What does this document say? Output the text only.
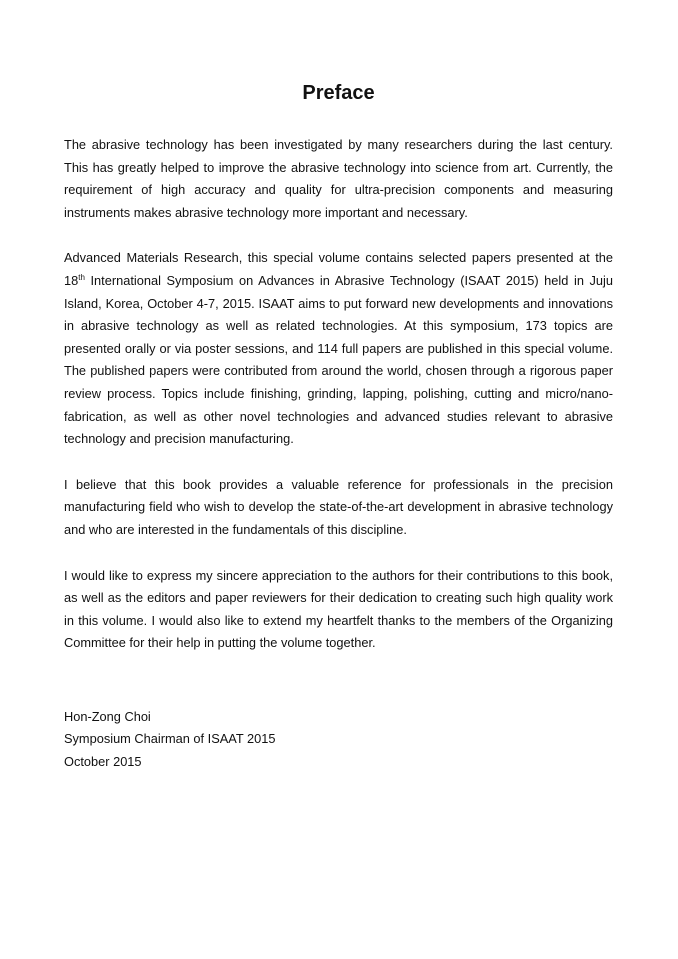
Preface

The abrasive technology has been investigated by many researchers during the last century. This has greatly helped to improve the abrasive technology into science from art. Currently, the requirement of high accuracy and quality for ultra-precision components and measuring instruments makes abrasive technology more important and necessary.

Advanced Materials Research, this special volume contains selected papers presented at the 18th International Symposium on Advances in Abrasive Technology (ISAAT 2015) held in Juju Island, Korea, October 4-7, 2015. ISAAT aims to put forward new developments and innovations in abrasive technology as well as related technologies. At this symposium, 173 topics are presented orally or via poster sessions, and 114 full papers are published in this special volume. The published papers were contributed from around the world, chosen through a rigorous paper review process. Topics include finishing, grinding, lapping, polishing, cutting and micro/nano-fabrication, as well as other novel technologies and advanced studies relevant to abrasive technology and precision manufacturing.

I believe that this book provides a valuable reference for professionals in the precision manufacturing field who wish to develop the state-of-the-art development in abrasive technology and who are interested in the fundamentals of this discipline.

I would like to express my sincere appreciation to the authors for their contributions to this book, as well as the editors and paper reviewers for their dedication to creating such high quality work in this volume. I would also like to extend my heartfelt thanks to the members of the Organizing Committee for their help in putting the volume together.

Hon-Zong Choi
Symposium Chairman of ISAAT 2015
October 2015
